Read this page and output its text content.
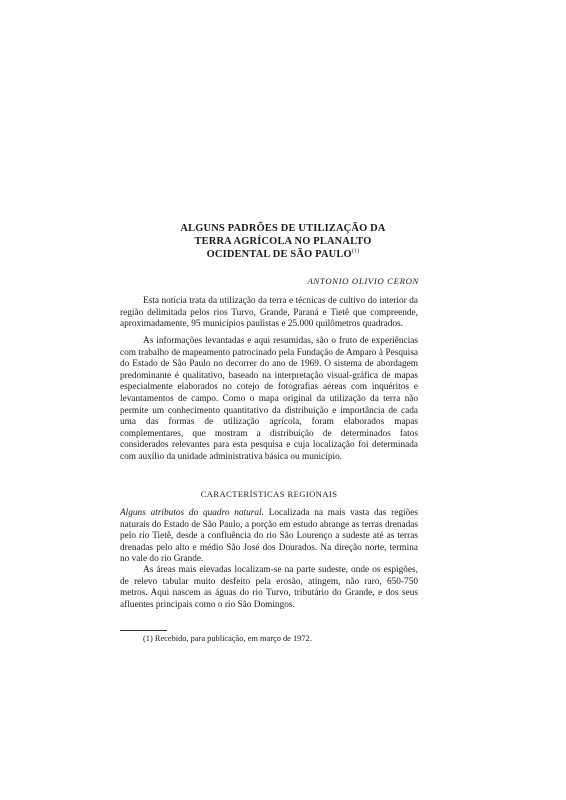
ALGUNS PADRÕES DE UTILIZAÇÃO DA
TERRA AGRÍCOLA NO PLANALTO
OCIDENTAL DE SÃO PAULO$^{(1)}$
ANTONIO OLIVIO CERON

Esta notícia trata da utilização da terra e técnicas de cultivo do interior da região delimitada pelos rios Turvo, Grande, Paraná e Tietê que compreende, aproximadamente, 95 municípios paulistas e 25.000 quilômetros quadrados.

As informações levantadas e aqui resumidas, são o fruto de experiências com trabalho de mapeamento patrocinado pela Fundação de Amparo à Pesquisa do Estado de São Paulo no decorrer do ano de 1969. O sistema de abordagem predominante é qualitativo, baseado na interpretação visual-gráfica de mapas especialmente elaborados no cotejo de fotografias aéreas com inquéritos e levantamentos de campo. Como o mapa original da utilização da terra não permite um conhecimento quantitativo da distribuição e importância de cada uma das formas de utilização agrícola, foram elaborados mapas complementares, que mostram a distribuição de determinados fatos considerados relevantes para esta pesquisa e cuja localização foi determinada com auxílio da unidade administrativa básica ou município.

CARACTERÍSTICAS REGIONAIS

Alguns atributos do quadro natural. Localizada na mais vasta das regiões naturais do Estado de São Paulo, a porção em estudo abrange as terras drenadas pelo rio Tietê, desde a confluência do rio São Lourenço a sudeste até as terras drenadas pelo alto e médio São José dos Dourados. Na direção norte, termina no vale do rio Grande.

As áreas mais elevadas localizam-se na parte sudeste, onde os espigões, de relevo tabular muito desfeito pela erosão, atingem, não raro, 650-750 metros. Aqui nascem as águas do rio Turvo, tributário do Grande, e dos seus afluentes principais como o rio São Domingos.

(1) Recebido, para publicação, em março de 1972.
